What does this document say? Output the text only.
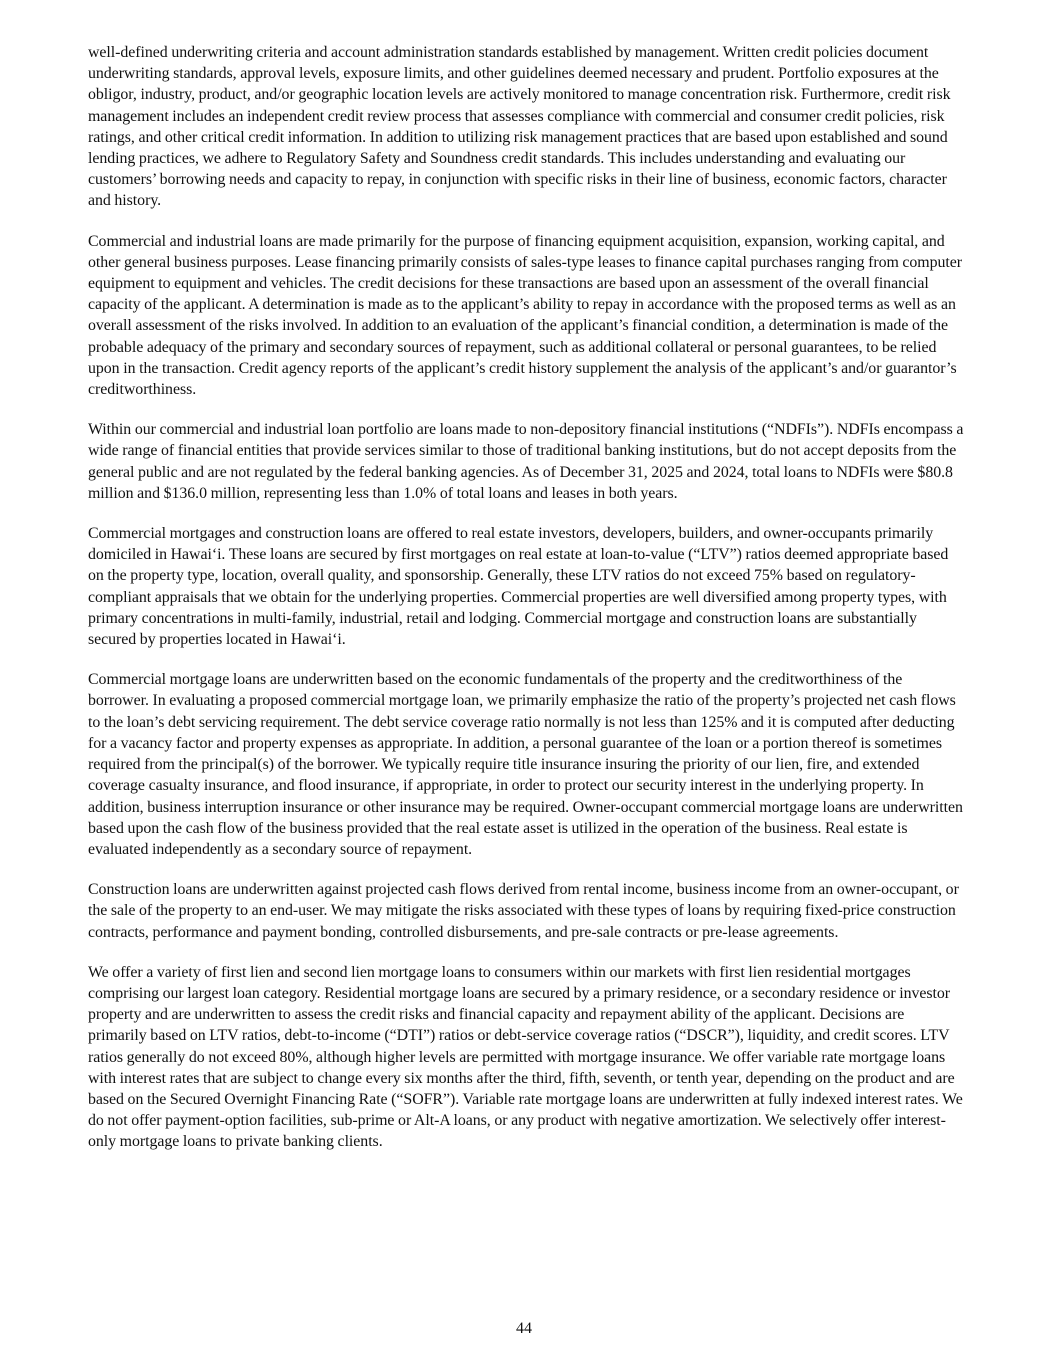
well-defined underwriting criteria and account administration standards established by management. Written credit policies document underwriting standards, approval levels, exposure limits, and other guidelines deemed necessary and prudent. Portfolio exposures at the obligor, industry, product, and/or geographic location levels are actively monitored to manage concentration risk. Furthermore, credit risk management includes an independent credit review process that assesses compliance with commercial and consumer credit policies, risk ratings, and other critical credit information. In addition to utilizing risk management practices that are based upon established and sound lending practices, we adhere to Regulatory Safety and Soundness credit standards. This includes understanding and evaluating our customers’ borrowing needs and capacity to repay, in conjunction with specific risks in their line of business, economic factors, character and history.

Commercial and industrial loans are made primarily for the purpose of financing equipment acquisition, expansion, working capital, and other general business purposes. Lease financing primarily consists of sales-type leases to finance capital purchases ranging from computer equipment to equipment and vehicles. The credit decisions for these transactions are based upon an assessment of the overall financial capacity of the applicant. A determination is made as to the applicant’s ability to repay in accordance with the proposed terms as well as an overall assessment of the risks involved. In addition to an evaluation of the applicant’s financial condition, a determination is made of the probable adequacy of the primary and secondary sources of repayment, such as additional collateral or personal guarantees, to be relied upon in the transaction. Credit agency reports of the applicant’s credit history supplement the analysis of the applicant’s and/or guarantor’s creditworthiness.

Within our commercial and industrial loan portfolio are loans made to non-depository financial institutions (“NDFIs”). NDFIs encompass a wide range of financial entities that provide services similar to those of traditional banking institutions, but do not accept deposits from the general public and are not regulated by the federal banking agencies. As of December 31, 2025 and 2024, total loans to NDFIs were $80.8 million and $136.0 million, representing less than 1.0% of total loans and leases in both years.

Commercial mortgages and construction loans are offered to real estate investors, developers, builders, and owner-occupants primarily domiciled in Hawai‘i. These loans are secured by first mortgages on real estate at loan-to-value (“LTV”) ratios deemed appropriate based on the property type, location, overall quality, and sponsorship. Generally, these LTV ratios do not exceed 75% based on regulatory-compliant appraisals that we obtain for the underlying properties. Commercial properties are well diversified among property types, with primary concentrations in multi-family, industrial, retail and lodging. Commercial mortgage and construction loans are substantially secured by properties located in Hawai‘i.

Commercial mortgage loans are underwritten based on the economic fundamentals of the property and the creditworthiness of the borrower. In evaluating a proposed commercial mortgage loan, we primarily emphasize the ratio of the property’s projected net cash flows to the loan’s debt servicing requirement. The debt service coverage ratio normally is not less than 125% and it is computed after deducting for a vacancy factor and property expenses as appropriate. In addition, a personal guarantee of the loan or a portion thereof is sometimes required from the principal(s) of the borrower. We typically require title insurance insuring the priority of our lien, fire, and extended coverage casualty insurance, and flood insurance, if appropriate, in order to protect our security interest in the underlying property. In addition, business interruption insurance or other insurance may be required. Owner-occupant commercial mortgage loans are underwritten based upon the cash flow of the business provided that the real estate asset is utilized in the operation of the business. Real estate is evaluated independently as a secondary source of repayment.

Construction loans are underwritten against projected cash flows derived from rental income, business income from an owner-occupant, or the sale of the property to an end-user. We may mitigate the risks associated with these types of loans by requiring fixed-price construction contracts, performance and payment bonding, controlled disbursements, and pre-sale contracts or pre-lease agreements.

We offer a variety of first lien and second lien mortgage loans to consumers within our markets with first lien residential mortgages comprising our largest loan category. Residential mortgage loans are secured by a primary residence, or a secondary residence or investor property and are underwritten to assess the credit risks and financial capacity and repayment ability of the applicant. Decisions are primarily based on LTV ratios, debt-to-income (“DTI”) ratios or debt-service coverage ratios (“DSCR”), liquidity, and credit scores. LTV ratios generally do not exceed 80%, although higher levels are permitted with mortgage insurance. We offer variable rate mortgage loans with interest rates that are subject to change every six months after the third, fifth, seventh, or tenth year, depending on the product and are based on the Secured Overnight Financing Rate (“SOFR”). Variable rate mortgage loans are underwritten at fully indexed interest rates. We do not offer payment-option facilities, sub-prime or Alt-A loans, or any product with negative amortization. We selectively offer interest-only mortgage loans to private banking clients.

44
